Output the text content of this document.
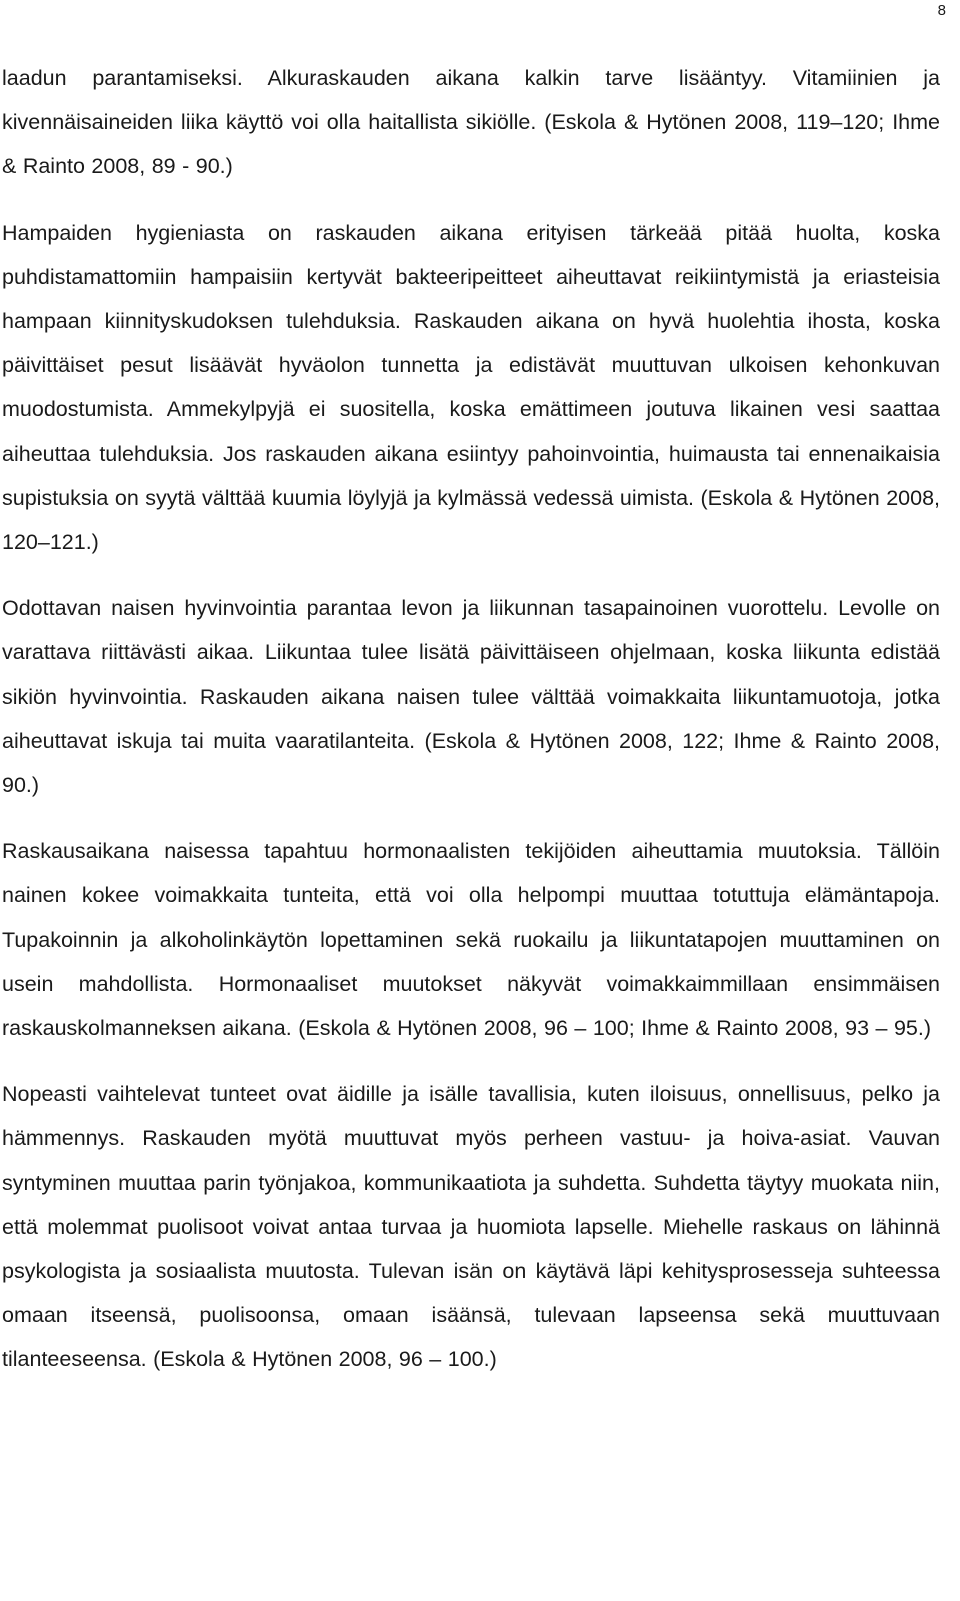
8

laadun parantamiseksi. Alkuraskauden aikana kalkin tarve lisääntyy. Vitamiinien ja kivennäisaineiden liika käyttö voi olla haitallista sikiölle. (Eskola & Hytönen 2008, 119–120; Ihme & Rainto 2008, 89 - 90.)

Hampaiden hygieniasta on raskauden aikana erityisen tärkeää pitää huolta, koska puhdistamattomiin hampaisiin kertyvät bakteeripeitteet aiheuttavat reikiintymistä ja eriasteisia hampaan kiinnityskudoksen tulehduksia. Raskauden aikana on hyvä huolehtia ihosta, koska päivittäiset pesut lisäävät hyväolon tunnetta ja edistävät muuttuvan ulkoisen kehonkuvan muodostumista. Ammekylpyjä ei suositella, koska emättimeen joutuva likainen vesi saattaa aiheuttaa tulehduksia. Jos raskauden aikana esiintyy pahoinvointia, huimausta tai ennenaikaisia supistuksia on syytä välttää kuumia löylyjä ja kylmässä vedessä uimista. (Eskola & Hytönen 2008, 120–121.)

Odottavan naisen hyvinvointia parantaa levon ja liikunnan tasapainoinen vuorottelu. Levolle on varattava riittävästi aikaa. Liikuntaa tulee lisätä päivittäiseen ohjelmaan, koska liikunta edistää sikiön hyvinvointia. Raskauden aikana naisen tulee välttää voimakkaita liikuntamuotoja, jotka aiheuttavat iskuja tai muita vaaratilanteita. (Eskola & Hytönen 2008, 122; Ihme & Rainto 2008, 90.)

Raskausaikana naisessa tapahtuu hormonaalisten tekijöiden aiheuttamia muutoksia. Tällöin nainen kokee voimakkaita tunteita, että voi olla helpompi muuttaa totuttuja elämäntapoja. Tupakoinnin ja alkoholinkäytön lopettaminen sekä ruokailu ja liikuntatapojen muuttaminen on usein mahdollista. Hormonaaliset muutokset näkyvät voimakkaimmillaan ensimmäisen raskauskolmanneksen aikana. (Eskola & Hytönen 2008, 96 – 100; Ihme & Rainto 2008, 93 – 95.)

Nopeasti vaihtelevat tunteet ovat äidille ja isälle tavallisia, kuten iloisuus, onnellisuus, pelko ja hämmennys. Raskauden myötä muuttuvat myös perheen vastuu- ja hoiva-asiat. Vauvan syntyminen muuttaa parin työnjakoa, kommunikaatiota ja suhdetta. Suhdetta täytyy muokata niin, että molemmat puolisoot voivat antaa turvaa ja huomiota lapselle. Miehelle raskaus on lähinnä psykologista ja sosiaalista muutosta. Tulevan isän on käytävä läpi kehitysprosesseja suhteessa omaan itseensä, puolisoonsa, omaan isäänsä, tulevaan lapseensa sekä muuttuvaan tilanteeseensa. (Eskola & Hytönen 2008, 96 – 100.)
